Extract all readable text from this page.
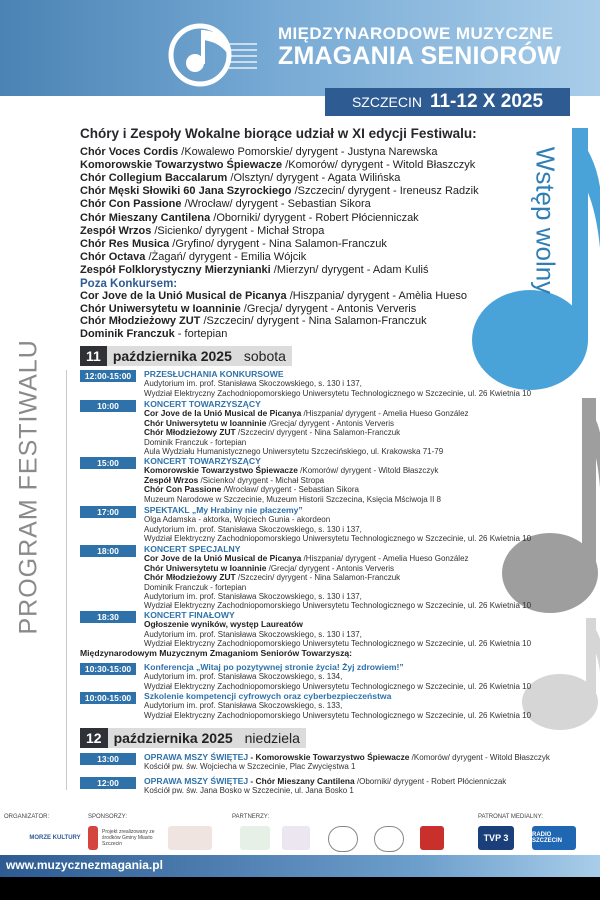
MIĘDZYNARODOWE MUZYCZNE
ZMAGANIA SENIORÓW
SZCZECIN 11-12 X 2025
Wstęp wolny
PROGRAM FESTIWALU
Chóry i Zespoły Wokalne biorące udział w XI edycji Festiwalu:
Chór Voces Cordis /Kowalewo Pomorskie/ dyrygent - Justyna Narewska
Komorowskie Towarzystwo Śpiewacze /Komorów/ dyrygent - Witold Błaszczyk
Chór Collegium Baccalarum /Olsztyn/ dyrygent - Agata Wilińska
Chór Męski Słowiki 60 Jana Szyrockiego /Szczecin/ dyrygent - Ireneusz Radzik
Chór Con Passione /Wrocław/ dyrygent - Sebastian Sikora
Chór Mieszany Cantilena /Oborniki/ dyrygent - Robert Płócienniczak
Zespół Wrzos /Sicienko/ dyrygent - Michał Stropa
Chór Res Musica /Gryfino/ dyrygent - Nina Salamon-Franczuk
Chór Octava /Żagań/ dyrygent - Emilia Wójcik
Zespół Folklorystyczny Mierzynianki /Mierzyn/ dyrygent - Adam Kuliś
Poza Konkursem:
Cor Jove de la Unió Musical de Picanya /Hiszpania/ dyrygent - Amèlia Hueso
Chór Uniwersytetu w Ioanninie /Grecja/ dyrygent - Antonis Ververis
Chór Młodzieżowy ZUT /Szczecin/ dyrygent - Nina Salamon-Franczuk
Dominik Franczuk - fortepian
11 października 2025 sobota
12:00-15:00	PRZESŁUCHANIA KONKURSOWE
Audytorium im. prof. Stanisława Skoczowskiego, s. 130 i 137,
Wydział Elektryczny Zachodniopomorskiego Uniwersytetu Technologicznego w Szczecinie, ul. 26 Kwietnia 10
10:00	KONCERT TOWARZYSZĄCY
Cor Jove de la Unió Musical de Picanya /Hiszpania/ dyrygent - Amelia Hueso González
Chór Uniwersytetu w Ioanninie /Grecja/ dyrygent - Antonis Ververis
Chór Młodzieżowy ZUT /Szczecin/ dyrygent - Nina Salamon-Franczuk
Dominik Franczuk - fortepian
Aula Wydziału Humanistycznego Uniwersytetu Szczecińskiego, ul. Krakowska 71-79
15:00	KONCERT TOWARZYSZĄCY
Komorowskie Towarzystwo Śpiewacze /Komorów/ dyrygent - Witold Błaszczyk
Zespół Wrzos /Sicienko/ dyrygent - Michał Stropa
Chór Con Passione /Wrocław/ dyrygent - Sebastian Sikora
Muzeum Narodowe w Szczecinie, Muzeum Historii Szczecina, Księcia Mściwoja II 8
17:00	SPEKTAKL „My Hrabiny nie płaczemy”
Olga Adamska - aktorka, Wojciech Gunia - akordeon
Audytorium im. prof. Stanisława Skoczowskiego, s. 130 i 137,
Wydział Elektryczny Zachodniopomorskiego Uniwersytetu Technologicznego w Szczecinie, ul. 26 Kwietnia 10
18:00	KONCERT SPECJALNY
Cor Jove de la Unió Musical de Picanya /Hiszpania/ dyrygent - Amelia Hueso González
Chór Uniwersytetu w Ioanninie /Grecja/ dyrygent - Antonis Ververis
Chór Młodzieżowy ZUT /Szczecin/ dyrygent - Nina Salamon-Franczuk
Dominik Franczuk - fortepian
Audytorium im. prof. Stanisława Skoczowskiego, s. 130 i 137,
Wydział Elektryczny Zachodniopomorskiego Uniwersytetu Technologicznego w Szczecinie, ul. 26 Kwietnia 10
18:30	KONCERT FINAŁOWY
Ogłoszenie wyników, występ Laureatów
Audytorium im. prof. Stanisława Skoczowskiego, s. 130 i 137,
Wydział Elektryczny Zachodniopomorskiego Uniwersytetu Technologicznego w Szczecinie, ul. 26 Kwietnia 10
Międzynarodowym Muzycznym Zmaganiom Seniorów Towarzyszą:
10:30-15:00	Konferencja „Witaj po pozytywnej stronie życia! Żyj zdrowiem!”
Audytorium im. prof. Stanisława Skoczowskiego, s. 134,
Wydział Elektryczny Zachodniopomorskiego Uniwersytetu Technologicznego w Szczecinie, ul. 26 Kwietnia 10
10:00-15:00	Szkolenie kompetencji cyfrowych oraz cyberbezpieczeństwa
Audytorium im. prof. Stanisława Skoczowskiego, s. 133,
Wydział Elektryczny Zachodniopomorskiego Uniwersytetu Technologicznego w Szczecinie, ul. 26 Kwietnia 10
12 października 2025 niedziela
13:00	OPRAWA MSZY ŚWIĘTEJ - Komorowskie Towarzystwo Śpiewacze /Komorów/ dyrygent - Witold Błaszczyk
Kościół pw. św. Wojciecha w Szczecinie, Plac Zwycięstwa 1
12:00	OPRAWA MSZY ŚWIĘTEJ - Chór Mieszany Cantilena /Oborniki/ dyrygent - Robert Płócienniczak
Kościół pw. św. Jana Bosko w Szczecinie, ul. Jana Bosko 1
ORGANIZATOR:	SPONSORZY:	PARTNERZY:	PATRONAT MEDIALNY:
MORZE KULTURY
Projekt zrealizowany ze środków Gminy Miasto Szczecin
TVP 3
SZCZECIN
RADIO SZCZECIN
www.muzycznezmagania.pl
